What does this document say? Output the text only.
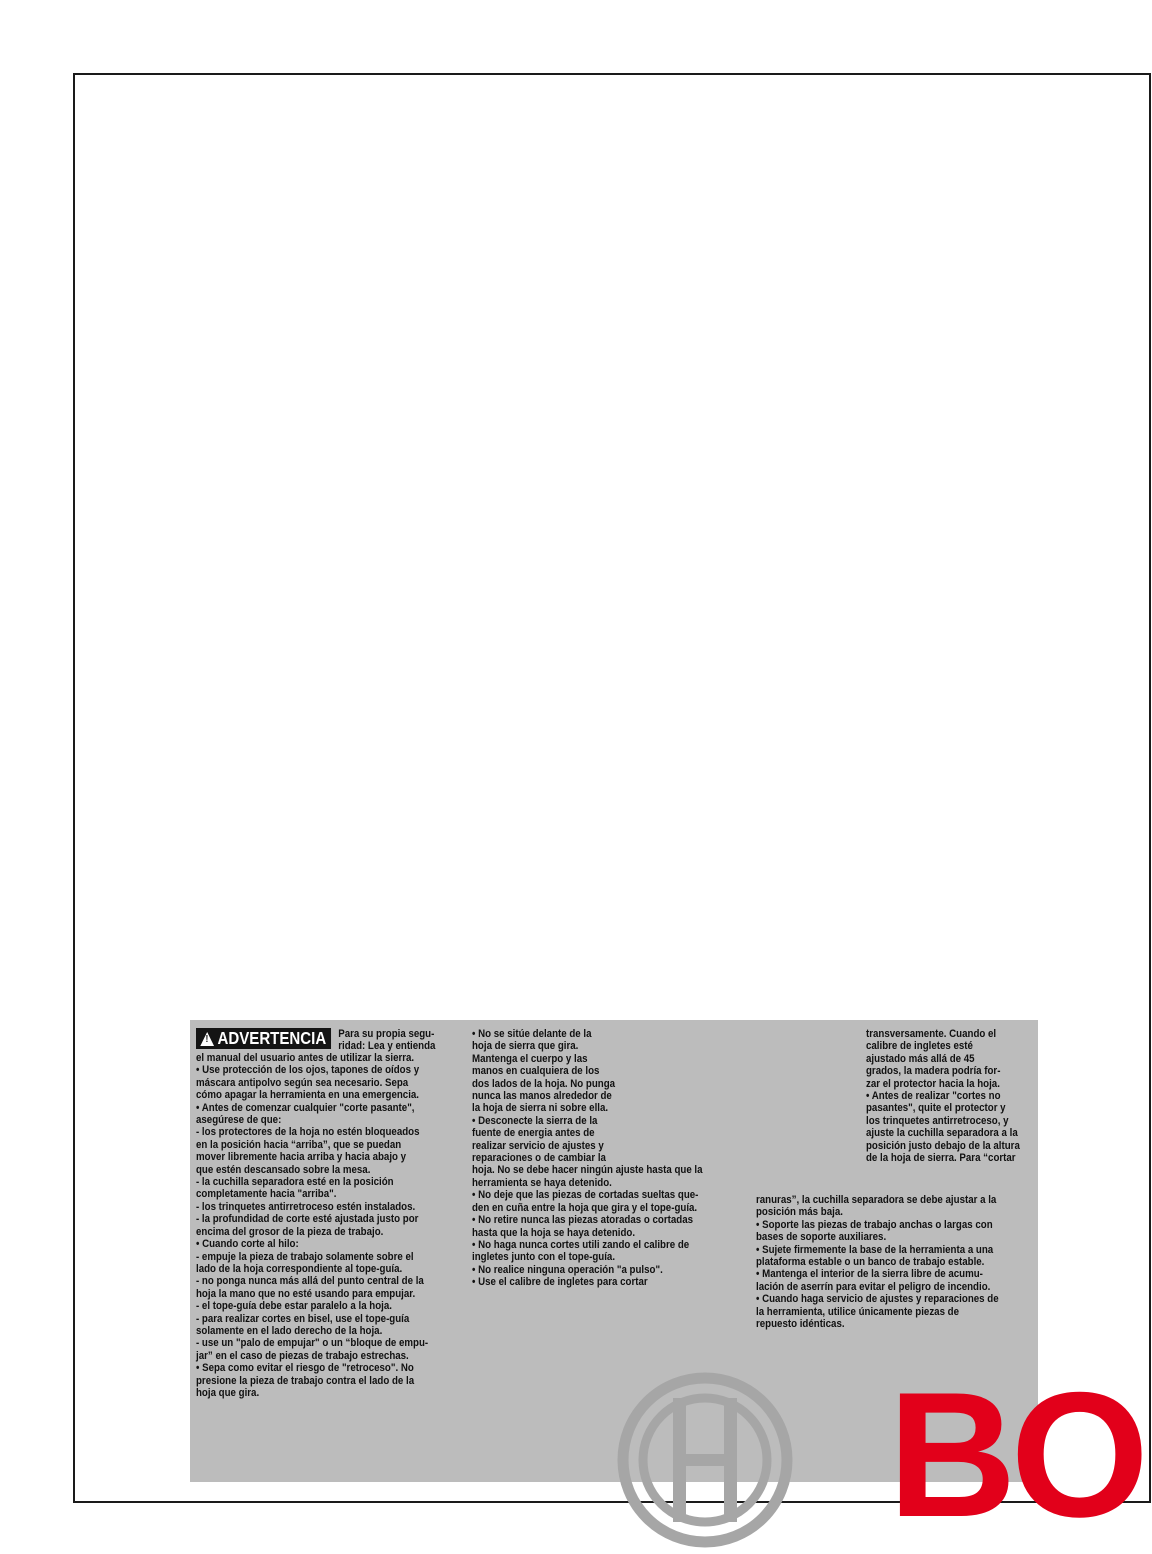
! ADVERTENCIA Para su propia segu-
ridad: Lea y entienda
el manual del usuario antes de utilizar la sierra.
• Use protección de los ojos, tapones de oídos y
máscara antipolvo según sea necesario. Sepa
cómo apagar la herramienta en una emergencia.
• Antes de comenzar cualquier "corte pasante",
asegúrese de que:
- los protectores de la hoja no estén bloqueados
en la posición hacia “arriba”, que se puedan
mover libremente hacia arriba y hacia abajo y
que estén descansado sobre la mesa.
- la cuchilla separadora esté en la posición
completamente hacia "arriba".
- los trinquetes antirretroceso estén instalados.
- la profundidad de corte esté ajustada justo por
encima del grosor de la pieza de trabajo.
• Cuando corte al hilo:
- empuje la pieza de trabajo solamente sobre el
lado de la hoja correspondiente al tope-guía.
- no ponga nunca más allá del punto central de la
hoja la mano que no esté usando para empujar.
- el tope-guía debe estar paralelo a la hoja.
- para realizar cortes en bisel, use el tope-guía
solamente en el lado derecho de la hoja.
- use un "palo de empujar" o un “bloque de empu-
jar” en el caso de piezas de trabajo estrechas.
• Sepa como evitar el riesgo de "retroceso". No
presione la pieza de trabajo contra el lado de la
hoja que gira.
• No se sitúe delante de la
hoja de sierra que gira.
Mantenga el cuerpo y las
manos en cualquiera de los
dos lados de la hoja. No punga
nunca las manos alrededor de
la hoja de sierra ni sobre ella.
• Desconecte la sierra de la
fuente de energia antes de
realizar servicio de ajustes y
reparaciones o de cambiar la
hoja. No se debe hacer ningún ajuste hasta que la
herramienta se haya detenido.
• No deje que las piezas de cortadas sueltas que-
den en cuña entre la hoja que gira y el tope-guía.
• No retire nunca las piezas atoradas o cortadas
hasta que la hoja se haya detenido.
• No haga nunca cortes utili zando el calibre de
ingletes junto con el tope-guía.
• No realice ninguna operación "a pulso".
• Use el calibre de ingletes para cortar
transversamente. Cuando el
calibre de ingletes esté
ajustado más allá de 45
grados, la madera podría for-
zar el protector hacia la hoja.
• Antes de realizar "cortes no
pasantes", quite el protector y
los trinquetes antirretroceso, y
ajuste la cuchilla separadora a la
posición justo debajo de la altura
de la hoja de sierra. Para “cortar
ranuras”, la cuchilla separadora se debe ajustar a la
posición más baja.
• Soporte las piezas de trabajo anchas o largas con
bases de soporte auxiliares.
• Sujete firmemente la base de la herramienta a una
plataforma estable o un banco de trabajo estable.
• Mantenga el interior de la sierra libre de acumu-
lación de aserrín para evitar el peligro de incendio.
• Cuando haga servicio de ajustes y reparaciones de
la herramienta, utilice únicamente piezas de
repuesto idénticas.
BO
